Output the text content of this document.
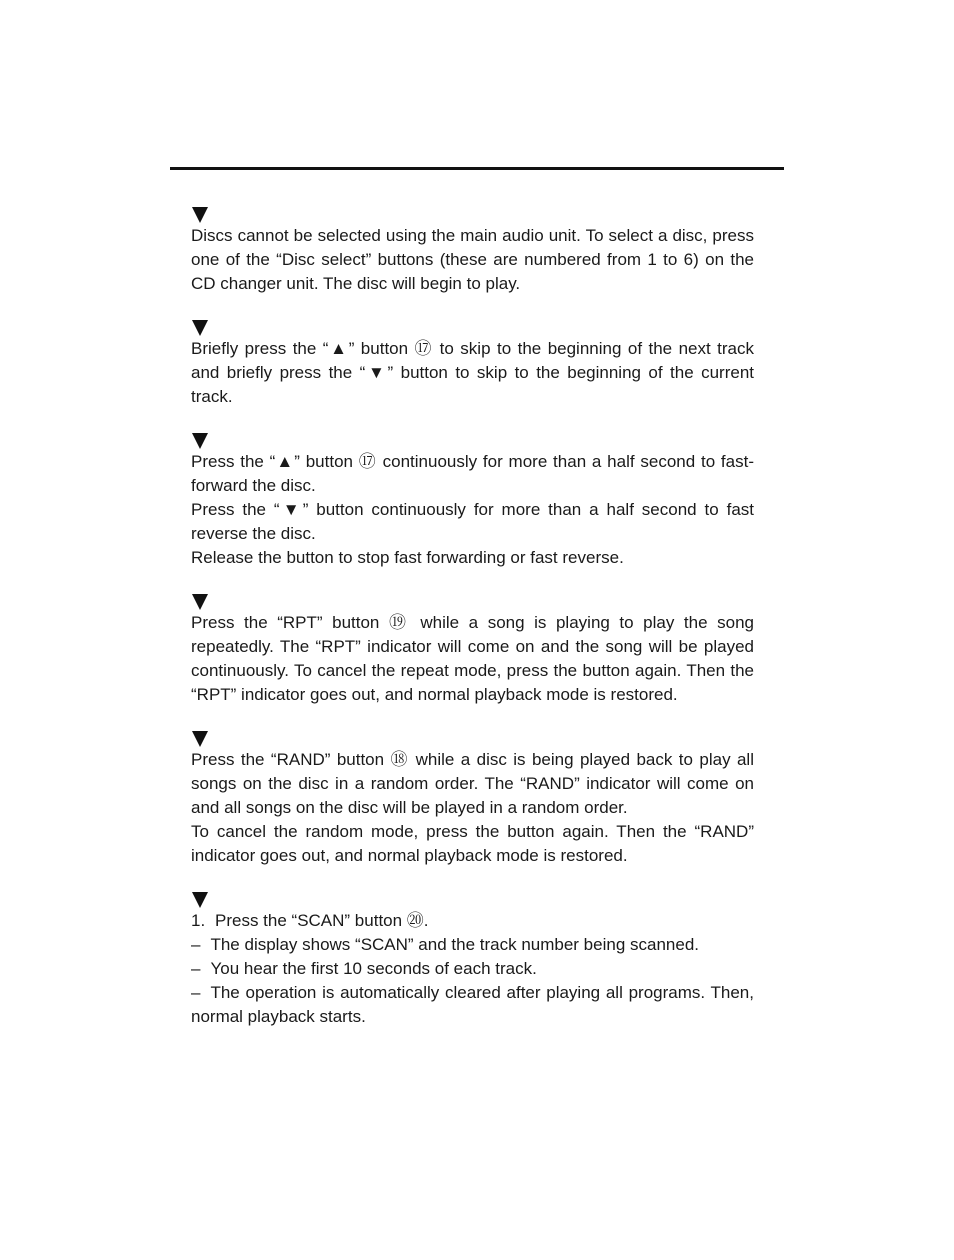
Discs cannot be selected using the main audio unit. To select a disc, press one of the “Disc select” buttons (these are numbered from 1 to 6) on the CD changer unit. The disc will begin to play.

Briefly press the “▲” button ⑰ to skip to the beginning of the next track and briefly press the “▼” button to skip to the beginning of the current track.

Press the “▲” button ⑰ continuously for more than a half second to fast-forward the disc.

Press the “▼” button continuously for more than a half second to fast reverse the disc.

Release the button to stop fast forwarding or fast reverse.

Press the “RPT” button ⑲ while a song is playing to play the song repeatedly. The “RPT” indicator will come on and the song will be played continuously. To cancel the repeat mode, press the button again. Then the “RPT” indicator goes out, and normal playback mode is restored.

Press the “RAND” button ⑱ while a disc is being played back to play all songs on the disc in a random order. The “RAND” indicator will come on and all songs on the disc will be played in a random order.

To cancel the random mode, press the button again. Then the “RAND” indicator goes out, and normal playback mode is restored.

1. Press the “SCAN” button ⑳.

– The display shows “SCAN” and the track number being scanned.

– You hear the first 10 seconds of each track.

– The operation is automatically cleared after playing all programs. Then, normal playback starts.
